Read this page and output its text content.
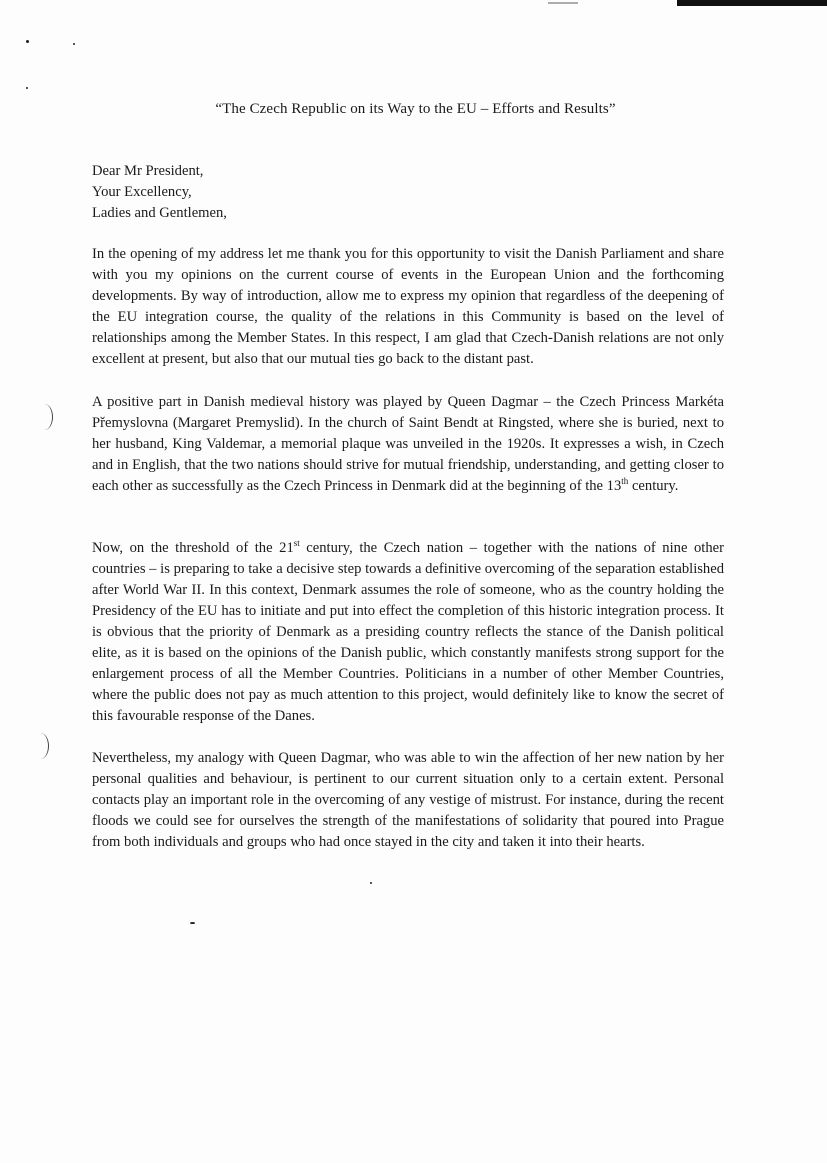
“The Czech Republic on its Way to the EU – Efforts and Results”
Dear Mr President,
Your Excellency,
Ladies and Gentlemen,

In the opening of my address let me thank you for this opportunity to visit the Danish Parliament and share with you my opinions on the current course of events in the European Union and the forthcoming developments. By way of introduction, allow me to express my opinion that regardless of the deepening of the EU integration course, the quality of the relations in this Community is based on the level of relationships among the Member States. In this respect, I am glad that Czech-Danish relations are not only excellent at present, but also that our mutual ties go back to the distant past.

A positive part in Danish medieval history was played by Queen Dagmar – the Czech Princess Markéta Přemyslovna (Margaret Premyslid). In the church of Saint Bendt at Ringsted, where she is buried, next to her husband, King Valdemar, a memorial plaque was unveiled in the 1920s. It expresses a wish, in Czech and in English, that the two nations should strive for mutual friendship, understanding, and getting closer to each other as successfully as the Czech Princess in Denmark did at the beginning of the 13th century.

Now, on the threshold of the 21st century, the Czech nation – together with the nations of nine other countries – is preparing to take a decisive step towards a definitive overcoming of the separation established after World War II. In this context, Denmark assumes the role of someone, who as the country holding the Presidency of the EU has to initiate and put into effect the completion of this historic integration process. It is obvious that the priority of Denmark as a presiding country reflects the stance of the Danish political elite, as it is based on the opinions of the Danish public, which constantly manifests strong support for the enlargement process of all the Member Countries. Politicians in a number of other Member Countries, where the public does not pay as much attention to this project, would definitely like to know the secret of this favourable response of the Danes.

Nevertheless, my analogy with Queen Dagmar, who was able to win the affection of her new nation by her personal qualities and behaviour, is pertinent to our current situation only to a certain extent. Personal contacts play an important role in the overcoming of any vestige of mistrust. For instance, during the recent floods we could see for ourselves the strength of the manifestations of solidarity that poured into Prague from both individuals and groups who had once stayed in the city and taken it into their hearts.
